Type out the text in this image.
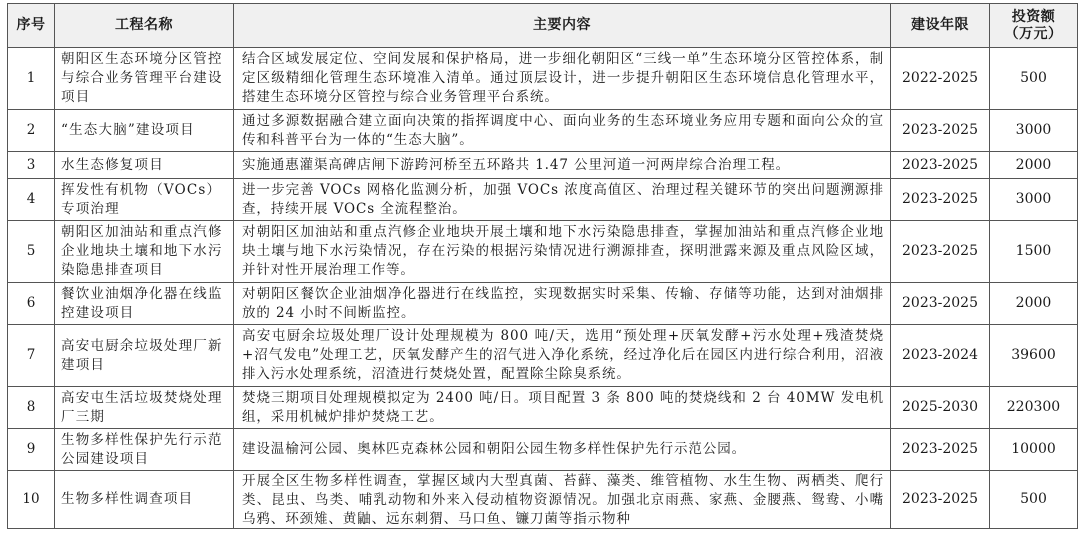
序号	工程名称	主要内容	建设年限	投资额
（万元）

1	朝阳区生态环境分区管控与综合业务管理平台建设项目	结合区域发展定位、空间发展和保护格局，进一步细化朝阳区“三线一单”生态环境分区管控体系，制定区级精细化管理生态环境准入清单。通过顶层设计，进一步提升朝阳区生态环境信息化管理水平，搭建生态环境分区管控与综合业务管理平台系统。	2022-2025	500
2	“生态大脑”建设项目	通过多源数据融合建立面向决策的指挥调度中心、面向业务的生态环境业务应用专题和面向公众的宣传和科普平台为一体的“生态大脑”。	2023-2025	3000
3	水生态修复项目	实施通惠灌渠高碑店闸下游跨河桥至五环路共 1.47 公里河道一河两岸综合治理工程。	2023-2025	2000
4	挥发性有机物（VOCs）专项治理	进一步完善 VOCs 网格化监测分析，加强 VOCs 浓度高值区、治理过程关键环节的突出问题溯源排查，持续开展 VOCs 全流程整治。	2023-2025	3000
5	朝阳区加油站和重点汽修企业地块土壤和地下水污染隐患排查项目	对朝阳区加油站和重点汽修企业地块开展土壤和地下水污染隐患排查，掌握加油站和重点汽修企业地块土壤与地下水污染情况，存在污染的根据污染情况进行溯源排查，探明泄露来源及重点风险区域，并针对性开展治理工作等。	2023-2025	1500
6	餐饮业油烟净化器在线监控建设项目	对朝阳区餐饮企业油烟净化器进行在线监控，实现数据实时采集、传输、存储等功能，达到对油烟排放的 24 小时不间断监控。	2023-2025	2000
7	高安屯厨余垃圾处理厂新建项目	高安屯厨余垃圾处理厂设计处理规模为 800 吨/天，选用“预处理+厌氧发酵+污水处理+残渣焚烧+沼气发电”处理工艺，厌氧发酵产生的沼气进入净化系统，经过净化后在园区内进行综合利用，沼液排入污水处理系统，沼渣进行焚烧处置，配置除尘除臭系统。	2023-2024	39600
8	高安屯生活垃圾焚烧处理厂三期	焚烧三期项目处理规模拟定为 2400 吨/日。项目配置 3 条 800 吨的焚烧线和 2 台 40MW 发电机组，采用机械炉排炉焚烧工艺。	2025-2030	220300
9	生物多样性保护先行示范公园建设项目	建设温榆河公园、奥林匹克森林公园和朝阳公园生物多样性保护先行示范公园。	2023-2025	10000
10	生物多样性调查项目	开展全区生物多样性调查，掌握区域内大型真菌、苔藓、藻类、维管植物、水生生物、两栖类、爬行类、昆虫、鸟类、哺乳动物和外来入侵动植物资源情况。加强北京雨燕、家燕、金腰燕、鸳鸯、小嘴乌鸦、环颈雉、黄鼬、远东刺猬、马口鱼、镰刀菌等指示物种	2023-2025	500
